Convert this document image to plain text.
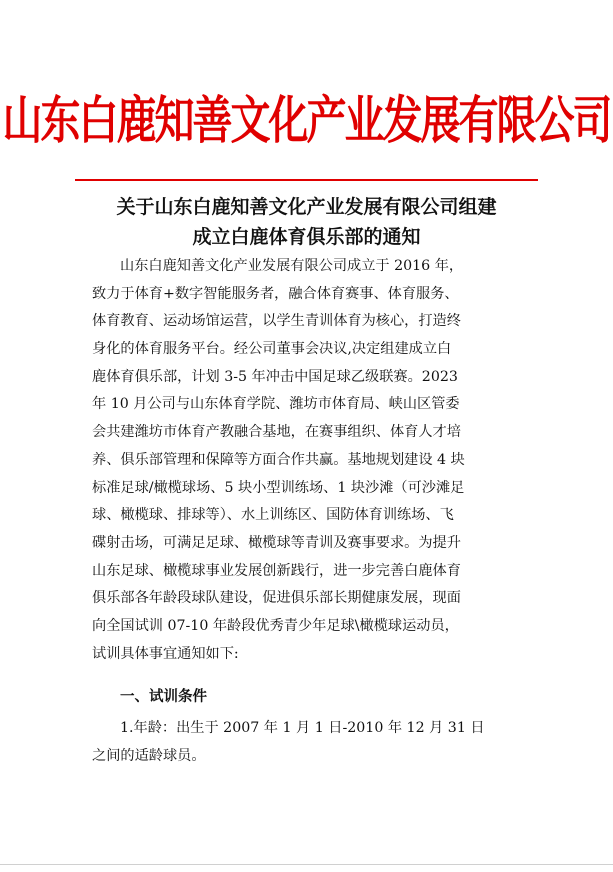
山东白鹿知善文化产业发展有限公司
关于山东白鹿知善文化产业发展有限公司组建
成立白鹿体育俱乐部的通知
山东白鹿知善文化产业发展有限公司成立于 2016 年，
致力于体育+数字智能服务者，融合体育赛事、体育服务、
体育教育、运动场馆运营，以学生青训体育为核心，打造终
身化的体育服务平台。经公司董事会决议,决定组建成立白
鹿体育俱乐部，计划 3-5 年冲击中国足球乙级联赛。2023
年 10 月公司与山东体育学院、潍坊市体育局、峡山区管委
会共建潍坊市体育产教融合基地，在赛事组织、体育人才培
养、俱乐部管理和保障等方面合作共赢。基地规划建设 4 块
标准足球/橄榄球场、5 块小型训练场、1 块沙滩（可沙滩足
球、橄榄球、排球等）、水上训练区、国防体育训练场、飞
碟射击场，可满足足球、橄榄球等青训及赛事要求。为提升
山东足球、橄榄球事业发展创新践行，进一步完善白鹿体育
俱乐部各年龄段球队建设，促进俱乐部长期健康发展，现面
向全国试训 07-10 年龄段优秀青少年足球\橄榄球运动员，
试训具体事宜通知如下:
一、试训条件
1.年龄：出生于 2007 年 1 月 1 日-2010 年 12 月 31 日
之间的适龄球员。
